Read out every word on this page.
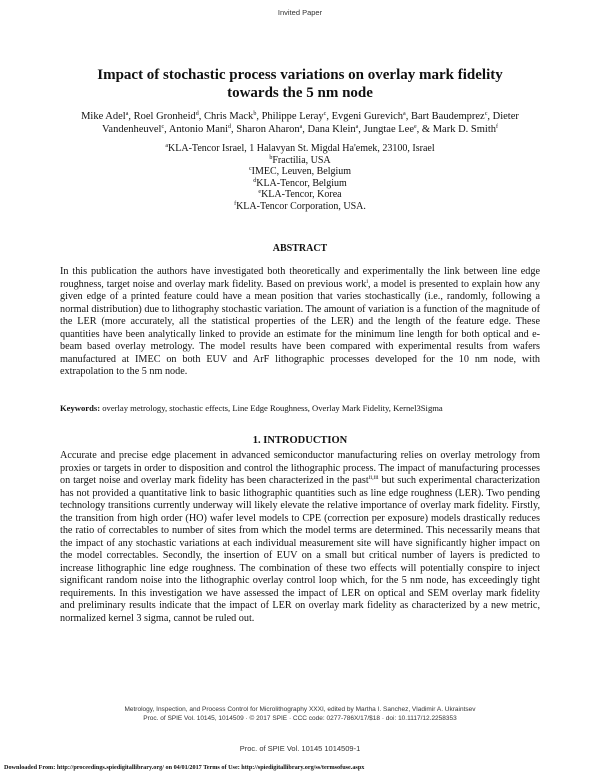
Invited Paper
Impact of stochastic process variations on overlay mark fidelity
towards the 5 nm node
Mike Adel$^a$, Roel Gronheid$^d$, Chris Mack$^b$, Philippe Leray$^c$, Evgeni Gurevich$^a$, Bart Baudemprez$^c$, Dieter Vandenheuvel$^c$, Antonio Mani$^d$, Sharon Aharon$^a$, Dana Klein$^a$, Jungtae Lee$^e$, & Mark D. Smith$^f$
$^a$KLA-Tencor Israel, 1 Halavyan St. Migdal Ha'emek, 23100, Israel
$^b$Fractilia, USA
$^c$IMEC, Leuven, Belgium
$^d$KLA-Tencor, Belgium
$^e$KLA-Tencor, Korea
$^f$KLA-Tencor Corporation, USA.
ABSTRACT

In this publication the authors have investigated both theoretically and experimentally the link between line edge roughness, target noise and overlay mark fidelity. Based on previous work$^i$, a model is presented to explain how any given edge of a printed feature could have a mean position that varies stochastically (i.e., randomly, following a normal distribution) due to lithography stochastic variation. The amount of variation is a function of the magnitude of the LER (more accurately, all the statistical properties of the LER) and the length of the feature edge. These quantities have been analytically linked to provide an estimate for the minimum line length for both optical and e-beam based overlay metrology. The model results have been compared with experimental results from wafers manufactured at IMEC on both EUV and ArF lithographic processes developed for the 10 nm node, with extrapolation to the 5 nm node.

Keywords: overlay metrology, stochastic effects, Line Edge Roughness, Overlay Mark Fidelity, Kernel3Sigma
1. INTRODUCTION

Accurate and precise edge placement in advanced semiconductor manufacturing relies on overlay metrology from proxies or targets in order to disposition and control the lithographic process. The impact of manufacturing processes on target noise and overlay mark fidelity has been characterized in the past$^{ii,iii}$ but such experimental characterization has not provided a quantitative link to basic lithographic quantities such as line edge roughness (LER). Two pending technology transitions currently underway will likely elevate the relative importance of overlay mark fidelity. Firstly, the transition from high order (HO) wafer level models to CPE (correction per exposure) models drastically reduces the ratio of correctables to number of sites from which the model terms are determined. This necessarily means that the impact of any stochastic variations at each individual measurement site will have significantly higher impact on the model correctables. Secondly, the insertion of EUV on a small but critical number of layers is predicted to increase lithographic line edge roughness. The combination of these two effects will potentially conspire to inject significant random noise into the lithographic overlay control loop which, for the 5 nm node, has exceedingly tight requirements. In this investigation we have assessed the impact of LER on optical and SEM overlay mark fidelity and preliminary results indicate that the impact of LER on overlay mark fidelity as characterized by a new metric, normalized kernel 3 sigma, cannot be ruled out.

Metrology, Inspection, and Process Control for Microlithography XXXI, edited by Martha I. Sanchez, Vladimir A. Ukraintsev
Proc. of SPIE Vol. 10145, 1014509 · © 2017 SPIE · CCC code: 0277-786X/17/$18 · doi: 10.1117/12.2258353
Proc. of SPIE Vol. 10145 1014509-1
Downloaded From: http://proceedings.spiedigitallibrary.org/ on 04/01/2017 Terms of Use: http://spiedigitallibrary.org/ss/termsofuse.aspx
